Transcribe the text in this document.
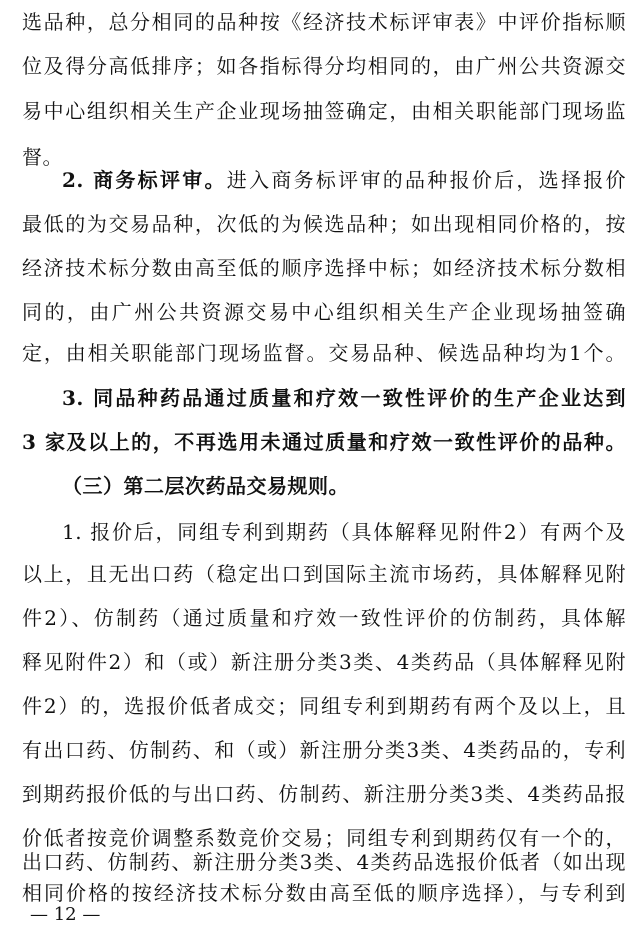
选品种，总分相同的品种按《经济技术标评审表》中评价指标顺
位及得分高低排序；如各指标得分均相同的，由广州公共资源交
易中心组织相关生产企业现场抽签确定，由相关职能部门现场监
督。
2. 商务标评审。进入商务标评审的品种报价后，选择报价
最低的为交易品种，次低的为候选品种；如出现相同价格的，按
经济技术标分数由高至低的顺序选择中标；如经济技术标分数相
同的，由广州公共资源交易中心组织相关生产企业现场抽签确
定，由相关职能部门现场监督。交易品种、候选品种均为1个。
3. 同品种药品通过质量和疗效一致性评价的生产企业达到
3 家及以上的，不再选用未通过质量和疗效一致性评价的品种。
（三）第二层次药品交易规则。
1. 报价后，同组专利到期药（具体解释见附件2）有两个及
以上，且无出口药（稳定出口到国际主流市场药，具体解释见附
件2）、仿制药（通过质量和疗效一致性评价的仿制药，具体解
释见附件2）和（或）新注册分类3类、4类药品（具体解释见附
件2）的，选报价低者成交；同组专利到期药有两个及以上，且
有出口药、仿制药、和（或）新注册分类3类、4类药品的，专利
到期药报价低的与出口药、仿制药、新注册分类3类、4类药品报
价低者按竞价调整系数竞价交易；同组专利到期药仅有一个的，
出口药、仿制药、新注册分类3类、4类药品选报价低者（如出现
相同价格的按经济技术标分数由高至低的顺序选择），与专利到
— 12 —
